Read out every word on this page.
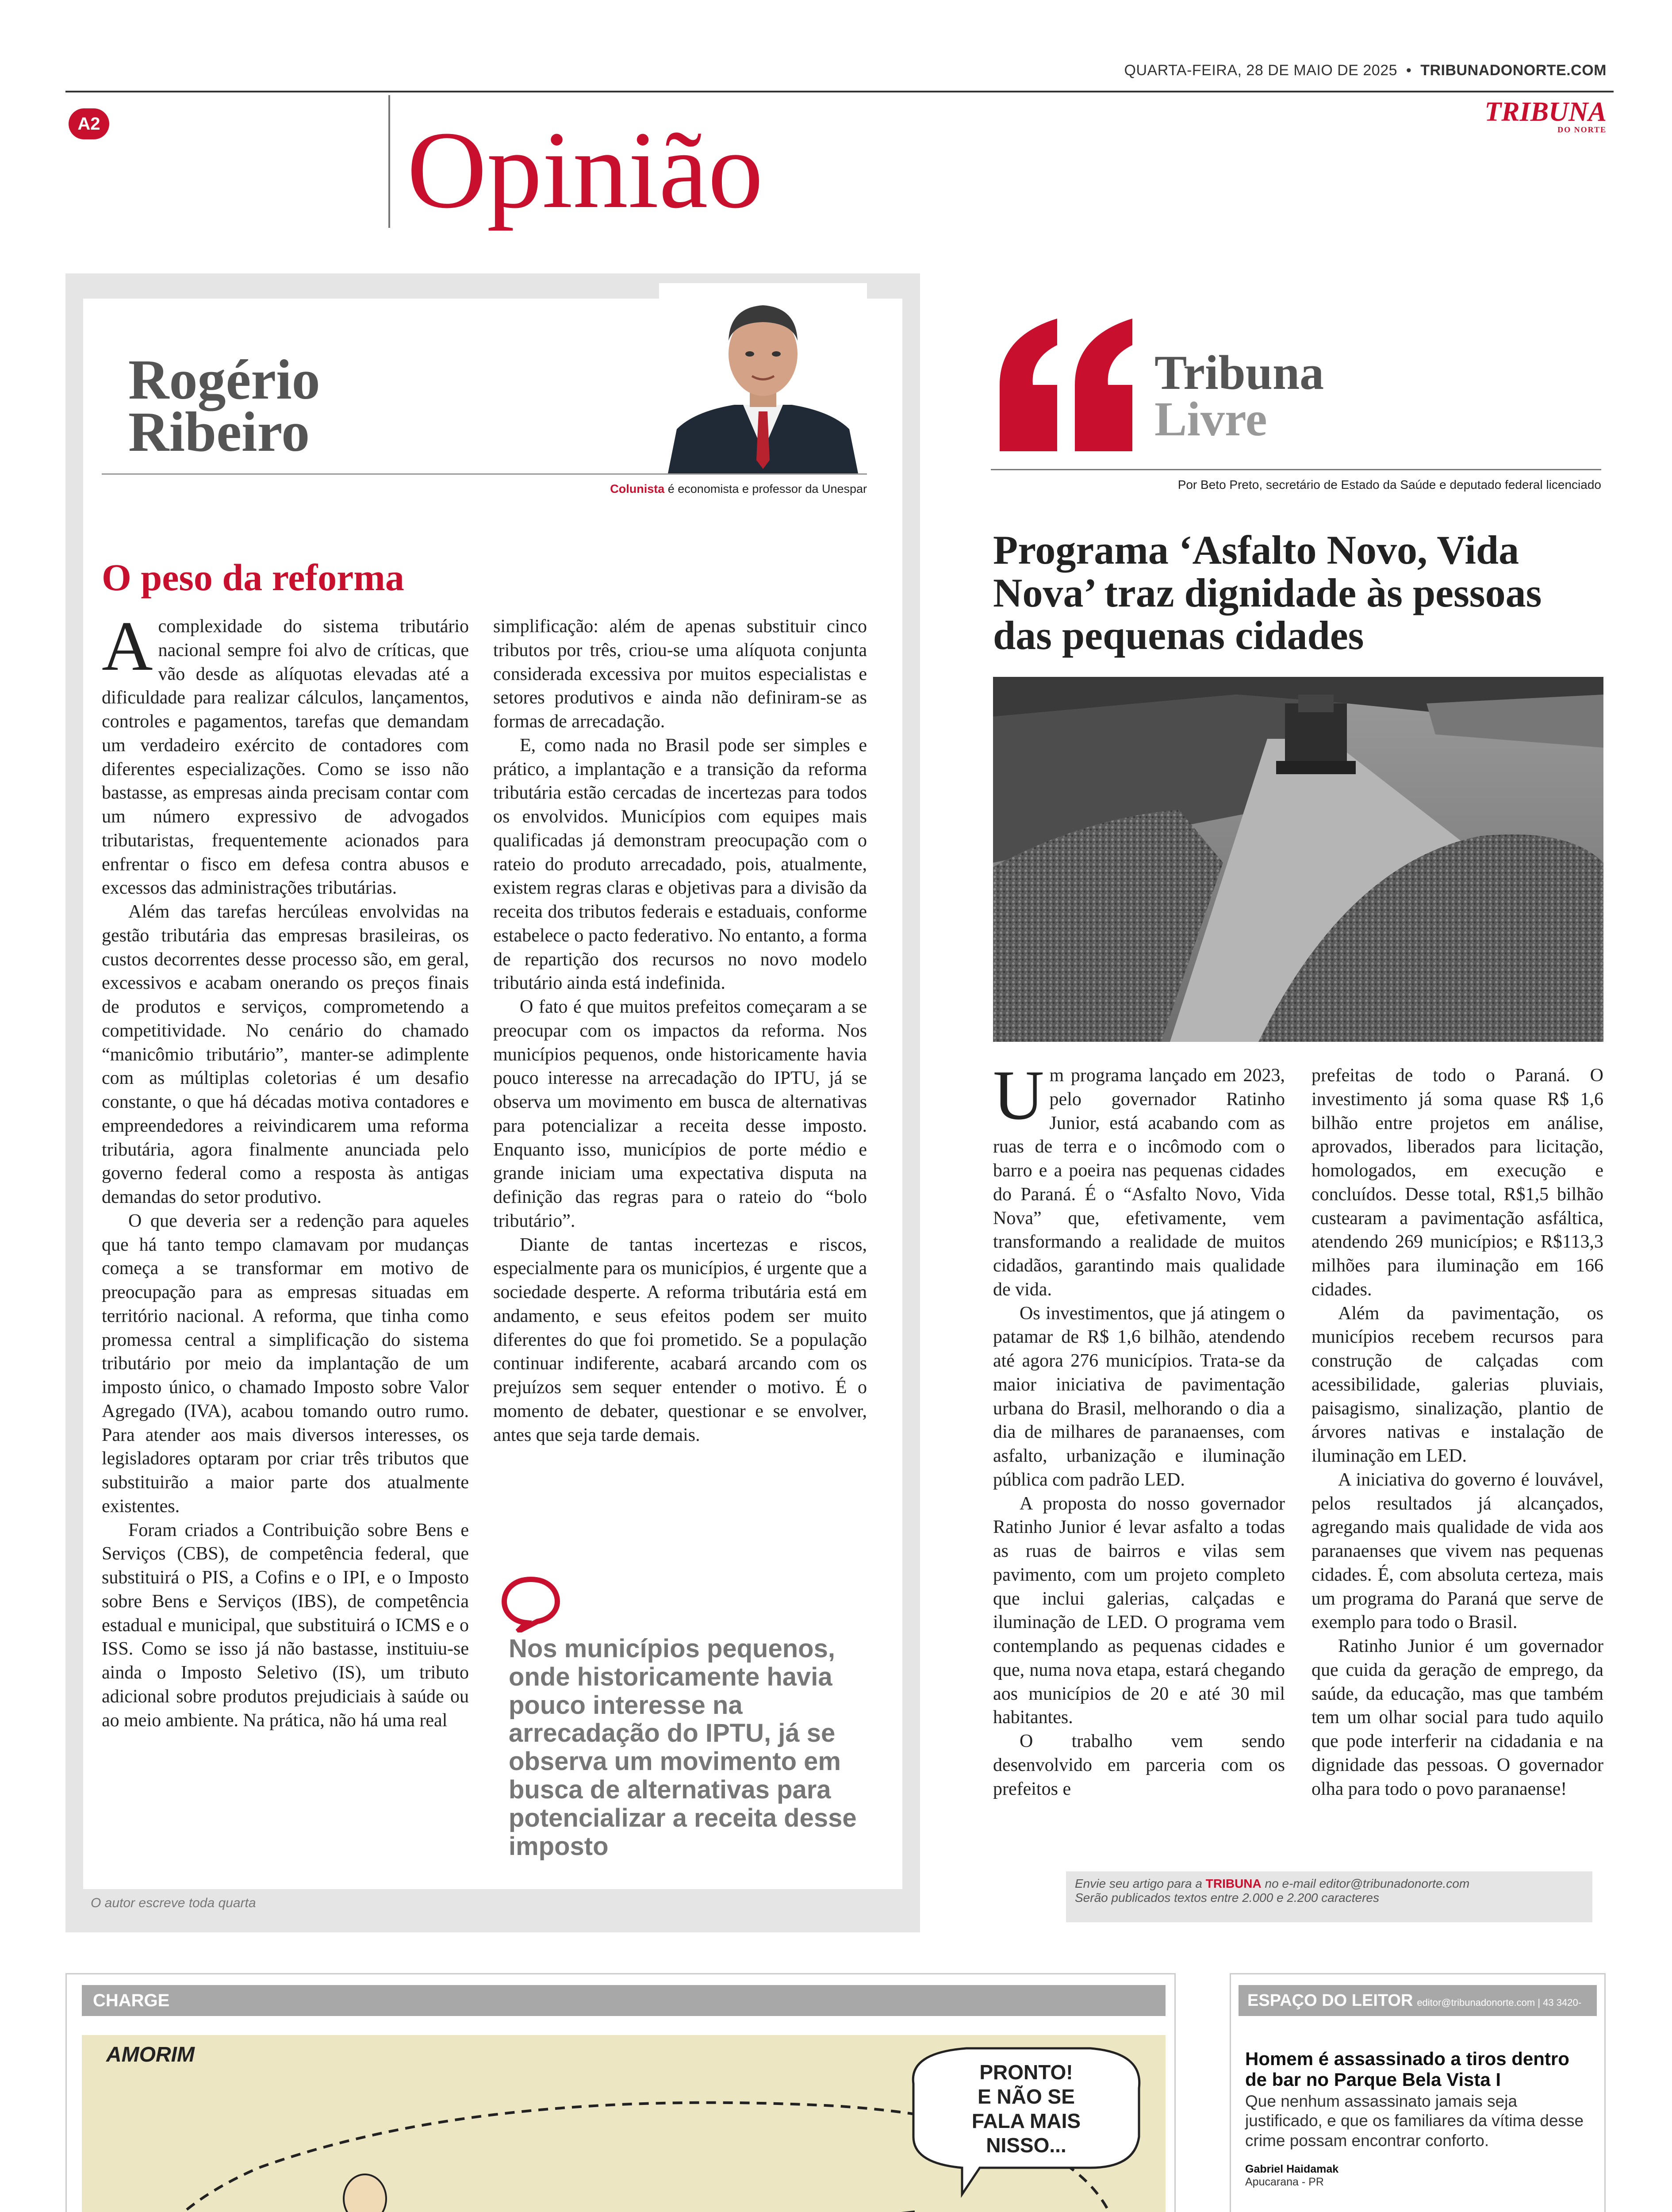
QUARTA-FEIRA, 28 DE MAIO DE 2025  •  TRIBUNADONORTE.COM
A2	Opinião	TRIBUNA
DO NORTE
Rogério
Ribeiro
Colunista é economista e professor da Unespar
O peso da reforma

Acomplexidade do sistema tributário nacional sempre foi alvo de críticas, que vão desde as alíquotas elevadas até a dificuldade para realizar cálculos, lançamentos, controles e pagamentos, tarefas que demandam um verdadeiro exército de contadores com diferentes especializações. Como se isso não bastasse, as empresas ainda precisam contar com um número expressivo de advogados tributaristas, frequentemente acionados para enfrentar o fisco em defesa contra abusos e excessos das administrações tributárias.

Além das tarefas hercúleas envolvidas na gestão tributária das empresas brasileiras, os custos decorrentes desse processo são, em geral, excessivos e acabam onerando os preços finais de produtos e serviços, comprometendo a competitividade. No cenário do chamado “manicômio tributário”, manter-se adimplente com as múltiplas coletorias é um desafio constante, o que há décadas motiva contadores e empreendedores a reivindicarem uma reforma tributária, agora finalmente anunciada pelo governo federal como a resposta às antigas demandas do setor produtivo.

O que deveria ser a redenção para aqueles que há tanto tempo clamavam por mudanças começa a se transformar em motivo de preocupação para as empresas situadas em território nacional. A reforma, que tinha como promessa central a simplificação do sistema tributário por meio da implantação de um imposto único, o chamado Imposto sobre Valor Agregado (IVA), acabou tomando outro rumo. Para atender aos mais diversos interesses, os legisladores optaram por criar três tributos que substituirão a maior parte dos atualmente existentes.

Foram criados a Contribuição sobre Bens e Serviços (CBS), de competência federal, que substituirá o PIS, a Cofins e o IPI, e o Imposto sobre Bens e Serviços (IBS), de competência estadual e municipal, que substituirá o ICMS e o ISS. Como se isso já não bastasse, instituiu-se ainda o Imposto Seletivo (IS), um tributo adicional sobre produtos prejudiciais à saúde ou ao meio ambiente. Na prática, não há uma real

simplificação: além de apenas substituir cinco tributos por três, criou-se uma alíquota conjunta considerada excessiva por muitos especialistas e setores produtivos e ainda não definiram-se as formas de arrecadação.

E, como nada no Brasil pode ser simples e prático, a implantação e a transição da reforma tributária estão cercadas de incertezas para todos os envolvidos. Municípios com equipes mais qualificadas já demonstram preocupação com o rateio do produto arrecadado, pois, atualmente, existem regras claras e objetivas para a divisão da receita dos tributos federais e estaduais, conforme estabelece o pacto federativo. No entanto, a forma de repartição dos recursos no novo modelo tributário ainda está indefinida.

O fato é que muitos prefeitos começaram a se preocupar com os impactos da reforma. Nos municípios pequenos, onde historicamente havia pouco interesse na arrecadação do IPTU, já se observa um movimento em busca de alternativas para potencializar a receita desse imposto. Enquanto isso, municípios de porte médio e grande iniciam uma expectativa disputa na definição das regras para o rateio do “bolo tributário”.

Diante de tantas incertezas e riscos, especialmente para os municípios, é urgente que a sociedade desperte. A reforma tributária está em andamento, e seus efeitos podem ser muito diferentes do que foi prometido. Se a população continuar indiferente, acabará arcando com os prejuízos sem sequer entender o motivo. É o momento de debater, questionar e se envolver, antes que seja tarde demais.

Nos municípios pequenos, onde historicamente havia pouco interesse na arrecadação do IPTU, já se observa um movimento em busca de alternativas para potencializar a receita desse imposto
O autor escreve toda quarta
Tribuna
Livre
Por Beto Preto, secretário de Estado da Saúde e deputado federal licenciado
Programa ‘Asfalto Novo, Vida Nova’ traz dignidade às pessoas das pequenas cidades

Um programa lançado em 2023, pelo governador Ratinho Junior, está acabando com as ruas de terra e o incômodo com o barro e a poeira nas pequenas cidades do Paraná. É o “Asfalto Novo, Vida Nova” que, efetivamente, vem transformando a realidade de muitos cidadãos, garantindo mais qualidade de vida.

Os investimentos, que já atingem o patamar de R$ 1,6 bilhão, atendendo até agora 276 municípios. Trata-se da maior iniciativa de pavimentação urbana do Brasil, melhorando o dia a dia de milhares de paranaenses, com asfalto, urbanização e iluminação pública com padrão LED.

A proposta do nosso governador Ratinho Junior é levar asfalto a todas as ruas de bairros e vilas sem pavimento, com um projeto completo que inclui galerias, calçadas e iluminação de LED. O programa vem contemplando as pequenas cidades e que, numa nova etapa, estará chegando aos municípios de 20 e até 30 mil habitantes.

O trabalho vem sendo desenvolvido em parceria com os prefeitos e

prefeitas de todo o Paraná. O investimento já soma quase R$ 1,6 bilhão entre projetos em análise, aprovados, liberados para licitação, homologados, em execução e concluídos. Desse total, R$1,5 bilhão custearam a pavimentação asfáltica, atendendo 269 municípios; e R$113,3 milhões para iluminação em 166 cidades.

Além da pavimentação, os municípios recebem recursos para construção de calçadas com acessibilidade, galerias pluviais, paisagismo, sinalização, plantio de árvores nativas e instalação de iluminação em LED.

A iniciativa do governo é louvável, pelos resultados já alcançados, agregando mais qualidade de vida aos paranaenses que vivem nas pequenas cidades. É, com absoluta certeza, mais um programa do Paraná que serve de exemplo para todo o Brasil.

Ratinho Junior é um governador que cuida da geração de emprego, da saúde, da educação, mas que também tem um olhar social para tudo aquilo que pode interferir na cidadania e na dignidade das pessoas. O governador olha para todo o povo paranaense!

Envie seu artigo para a TRIBUNA no e-mail editor@tribunadonorte.com
Serão publicados textos entre 2.000 e 2.200 caracteres
CHARGE
AMORIM
PRONTO!
E NÃO SE
FALA MAIS
NISSO...

ESPAÇO DO LEITOR editor@tribunadonorte.com | 43 3420-1169
Homem é assassinado a tiros dentro de bar no Parque Bela Vista I

Que nenhum assassinato jamais seja justificado, e que os familiares da vítima desse crime possam encontrar conforto.

Gabriel Haidamak
Apucarana - PR
